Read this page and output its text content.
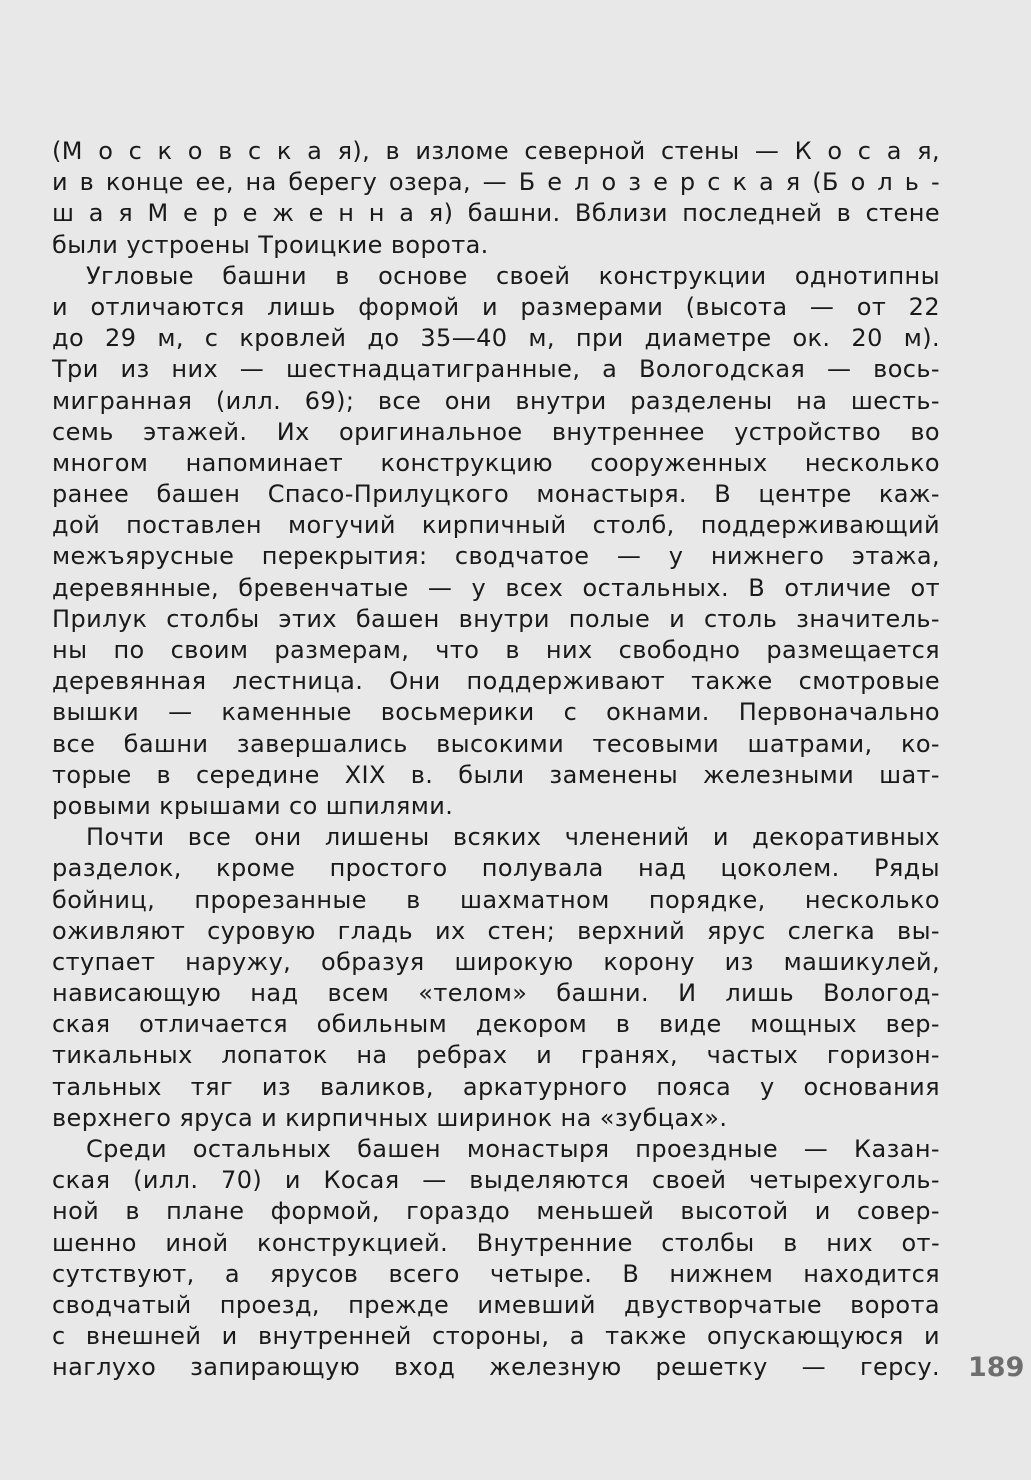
(М о с к о в с к а я), в изломе северной стены — К о с а я,
и в конце ее, на берегу озера, — Б е л о з е р с к а я (Б о л ь -
ш а я М е р е ж е н н а я) башни. Вблизи последней в стене
были устроены Троицкие ворота.
Угловые башни в основе своей конструкции однотипны
и отличаются лишь формой и размерами (высота — от 22
до 29 м, с кровлей до 35—40 м, при диаметре ок. 20 м).
Три из них — шестнадцатигранные, а Вологодская — вось-
мигранная (илл. 69); все они внутри разделены на шесть-
семь этажей. Их оригинальное внутреннее устройство во
многом напоминает конструкцию сооруженных несколько
ранее башен Спасо-Прилуцкого монастыря. В центре каж-
дой поставлен могучий кирпичный столб, поддерживающий
межъярусные перекрытия: сводчатое — у нижнего этажа,
деревянные, бревенчатые — у всех остальных. В отличие от
Прилук столбы этих башен внутри полые и столь значитель-
ны по своим размерам, что в них свободно размещается
деревянная лестница. Они поддерживают также смотровые
вышки — каменные восьмерики с окнами. Первоначально
все башни завершались высокими тесовыми шатрами, ко-
торые в середине XIX в. были заменены железными шат-
ровыми крышами со шпилями.
Почти все они лишены всяких членений и декоративных
разделок, кроме простого полувала над цоколем. Ряды
бойниц, прорезанные в шахматном порядке, несколько
оживляют суровую гладь их стен; верхний ярус слегка вы-
ступает наружу, образуя широкую корону из машикулей,
нависающую над всем «телом» башни. И лишь Вологод-
ская отличается обильным декором в виде мощных вер-
тикальных лопаток на ребрах и гранях, частых горизон-
тальных тяг из валиков, аркатурного пояса у основания
верхнего яруса и кирпичных ширинок на «зубцах».
Среди остальных башен монастыря проездные — Казан-
ская (илл. 70) и Косая — выделяются своей четырехуголь-
ной в плане формой, гораздо меньшей высотой и совер-
шенно иной конструкцией. Внутренние столбы в них от-
сутствуют, а ярусов всего четыре. В нижнем находится
сводчатый проезд, прежде имевший двустворчатые ворота
с внешней и внутренней стороны, а также опускающуюся и
наглухо запирающую вход железную решетку — герсу. 189
